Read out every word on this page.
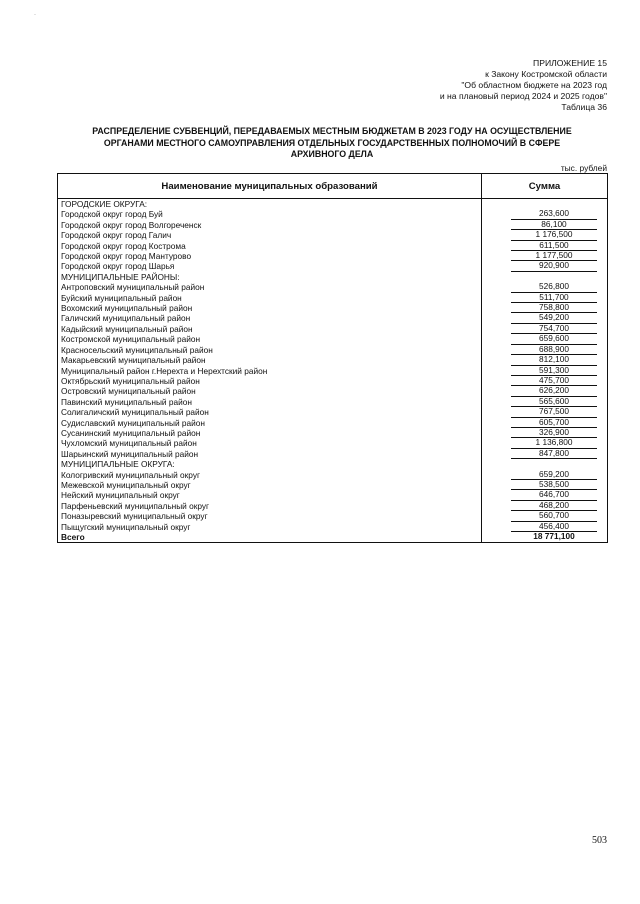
·
ПРИЛОЖЕНИЕ 15
к Закону Костромской области
"Об областном бюджете на 2023 год
и на плановый период 2024 и 2025 годов"
Таблица 36
РАСПРЕДЕЛЕНИЕ СУБВЕНЦИЙ, ПЕРЕДАВАЕМЫХ МЕСТНЫМ БЮДЖЕТАМ В 2023 ГОДУ НА ОСУЩЕСТВЛЕНИЕ
ОРГАНАМИ МЕСТНОГО САМОУПРАВЛЕНИЯ ОТДЕЛЬНЫХ ГОСУДАРСТВЕННЫХ ПОЛНОМОЧИЙ В СФЕРЕ
АРХИВНОГО ДЕЛА
тыс. рублей
Наименование муниципальных образований	Сумма
ГОРОДСКИЕ ОКРУГА:	
Городской округ город Буй	263,600

Городской округ город Волгореченск	86,100

Городской округ город Галич	1 176,500

Городской округ город Кострома	611,500

Городской округ город Мантурово	1 177,500

Городской округ город Шарья	920,900

МУНИЦИПАЛЬНЫЕ РАЙОНЫ:	
Антроповский муниципальный район	526,800

Буйский муниципальный район	511,700

Вохомский муниципальный район	758,800

Галичский муниципальный район	549,200

Кадыйский муниципальный район	754,700

Костромской муниципальный район	659,600

Красносельский муниципальный район	688,900

Макарьевский муниципальный район	812,100

Муниципальный район г.Нерехта и Нерехтский район	591,300

Октябрьский муниципальный район	475,700

Островский муниципальный район	626,200

Павинский муниципальный район	565,600

Солигаличский муниципальный район	767,500

Судиславский муниципальный район	605,700

Сусанинский муниципальный район	326,900

Чухломский муниципальный район	1 136,800

Шарьинский муниципальный район	847,800

МУНИЦИПАЛЬНЫЕ ОКРУГА:	
Кологривский муниципальный округ	659,200

Межевской муниципальный округ	538,500

Нейский муниципальный округ	646,700

Парфеньевский муниципальный округ	468,200

Поназыревский муниципальный округ	560,700

Пыщугский муниципальный округ	456,400

Всего	18 771,100
503
